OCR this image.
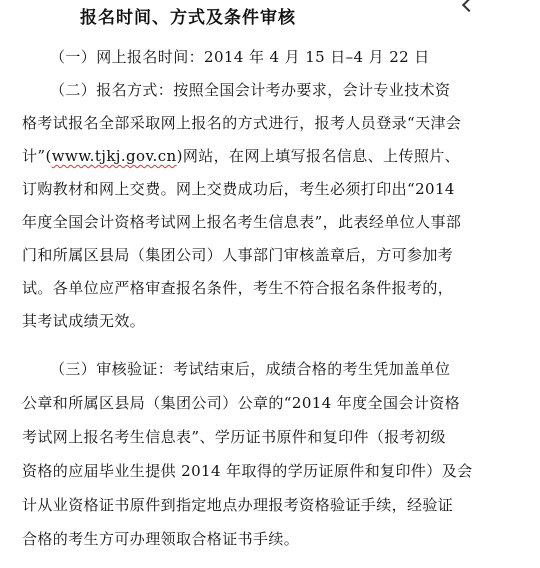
报名时间、方式及条件审核
（一）网上报名时间：2014 年 4 月 15 日–4 月 22 日
（二）报名方式：按照全国会计考办要求，会计专业技术资
格考试报名全部采取网上报名的方式进行，报考人员登录“天津会
计”(www.tjkj.gov.cn)网站，在网上填写报名信息、上传照片、
订购教材和网上交费。网上交费成功后，考生必须打印出“2014
年度全国会计资格考试网上报名考生信息表”，此表经单位人事部
门和所属区县局（集团公司）人事部门审核盖章后，方可参加考
试。各单位应严格审查报名条件，考生不符合报名条件报考的，
其考试成绩无效。
（三）审核验证：考试结束后，成绩合格的考生凭加盖单位
公章和所属区县局（集团公司）公章的“2014 年度全国会计资格
考试网上报名考生信息表”、学历证书原件和复印件（报考初级
资格的应届毕业生提供 2014 年取得的学历证原件和复印件）及会
计从业资格证书原件到指定地点办理报考资格验证手续，经验证
合格的考生方可办理领取合格证书手续。
